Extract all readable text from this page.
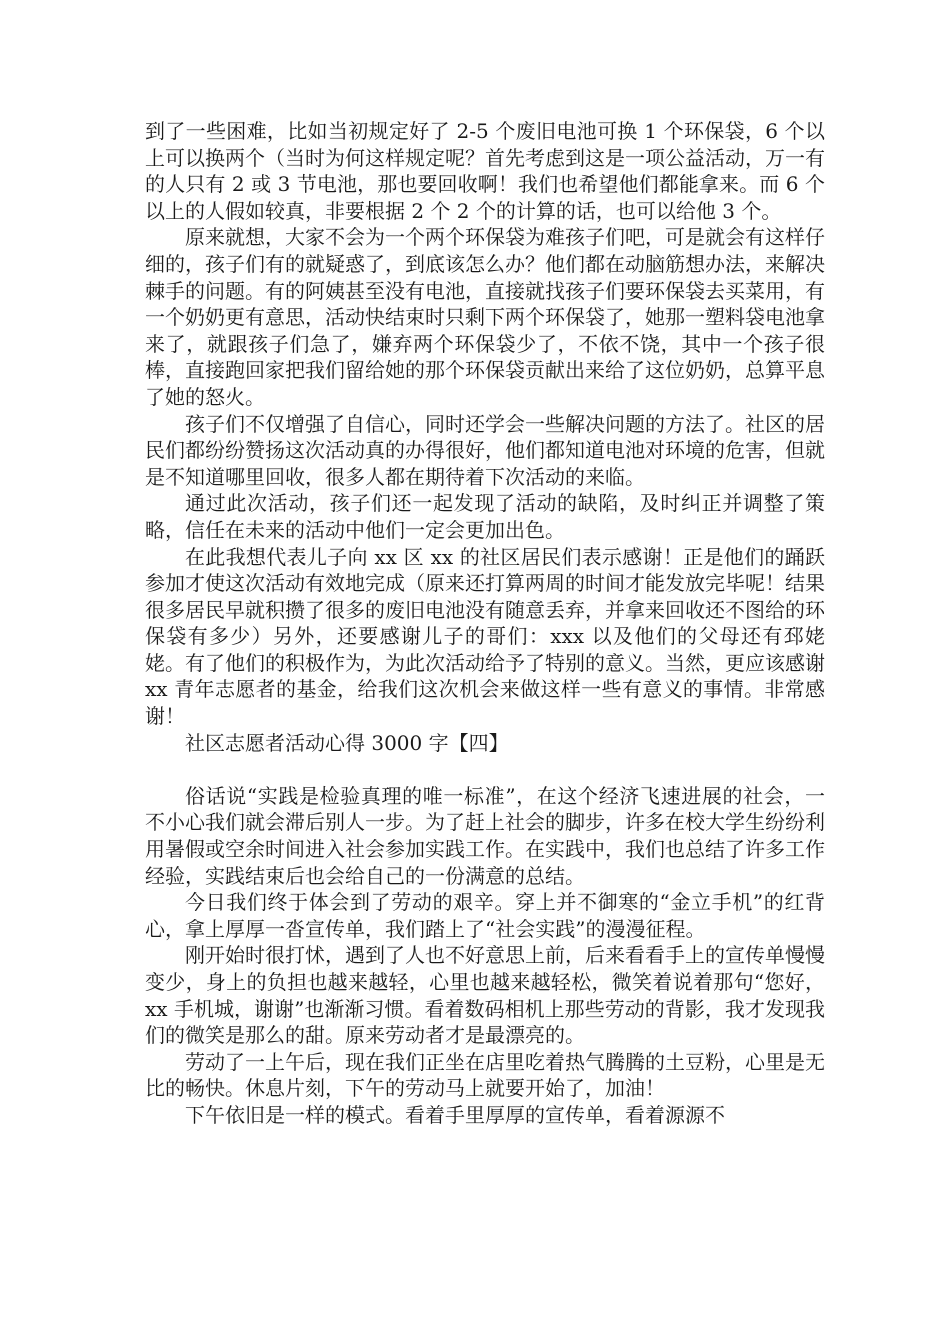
到了一些困难，比如当初规定好了 2-5 个废旧电池可换 1 个环保袋，6 个以上可以换两个（当时为何这样规定呢？首先考虑到这是一项公益活动，万一有的人只有 2 或 3 节电池，那也要回收啊！我们也希望他们都能拿来。而 6 个以上的人假如较真，非要根据 2 个 2 个的计算的话，也可以给他 3 个。

原来就想，大家不会为一个两个环保袋为难孩子们吧，可是就会有这样仔细的，孩子们有的就疑惑了，到底该怎么办？他们都在动脑筋想办法，来解决棘手的问题。有的阿姨甚至没有电池，直接就找孩子们要环保袋去买菜用，有一个奶奶更有意思，活动快结束时只剩下两个环保袋了，她那一塑料袋电池拿来了，就跟孩子们急了，嫌弃两个环保袋少了，不依不饶，其中一个孩子很棒，直接跑回家把我们留给她的那个环保袋贡献出来给了这位奶奶，总算平息了她的怒火。

孩子们不仅增强了自信心，同时还学会一些解决问题的方法了。社区的居民们都纷纷赞扬这次活动真的办得很好，他们都知道电池对环境的危害，但就是不知道哪里回收，很多人都在期待着下次活动的来临。

通过此次活动，孩子们还一起发现了活动的缺陷，及时纠正并调整了策略，信任在未来的活动中他们一定会更加出色。

在此我想代表儿子向 xx 区 xx 的社区居民们表示感谢！正是他们的踊跃参加才使这次活动有效地完成（原来还打算两周的时间才能发放完毕呢！结果很多居民早就积攒了很多的废旧电池没有随意丢弃，并拿来回收还不图给的环保袋有多少）另外，还要感谢儿子的哥们：xxx 以及他们的父母还有邳姥姥。有了他们的积极作为，为此次活动给予了特别的意义。当然，更应该感谢 xx 青年志愿者的基金，给我们这次机会来做这样一些有意义的事情。非常感谢！

社区志愿者活动心得 3000 字【四】

俗话说“实践是检验真理的唯一标准”，在这个经济飞速进展的社会，一不小心我们就会滞后别人一步。为了赶上社会的脚步，许多在校大学生纷纷利用暑假或空余时间进入社会参加实践工作。在实践中，我们也总结了许多工作经验，实践结束后也会给自己的一份满意的总结。

今日我们终于体会到了劳动的艰辛。穿上并不御寒的“金立手机”的红背心，拿上厚厚一沓宣传单，我们踏上了“社会实践”的漫漫征程。

刚开始时很打怵，遇到了人也不好意思上前，后来看看手上的宣传单慢慢变少，身上的负担也越来越轻，心里也越来越轻松，微笑着说着那句“您好，xx 手机城，谢谢”也渐渐习惯。看着数码相机上那些劳动的背影，我才发现我们的微笑是那么的甜。原来劳动者才是最漂亮的。

劳动了一上午后，现在我们正坐在店里吃着热气腾腾的土豆粉，心里是无比的畅快。休息片刻，下午的劳动马上就要开始了，加油！

下午依旧是一样的模式。看着手里厚厚的宣传单，看着源源不
